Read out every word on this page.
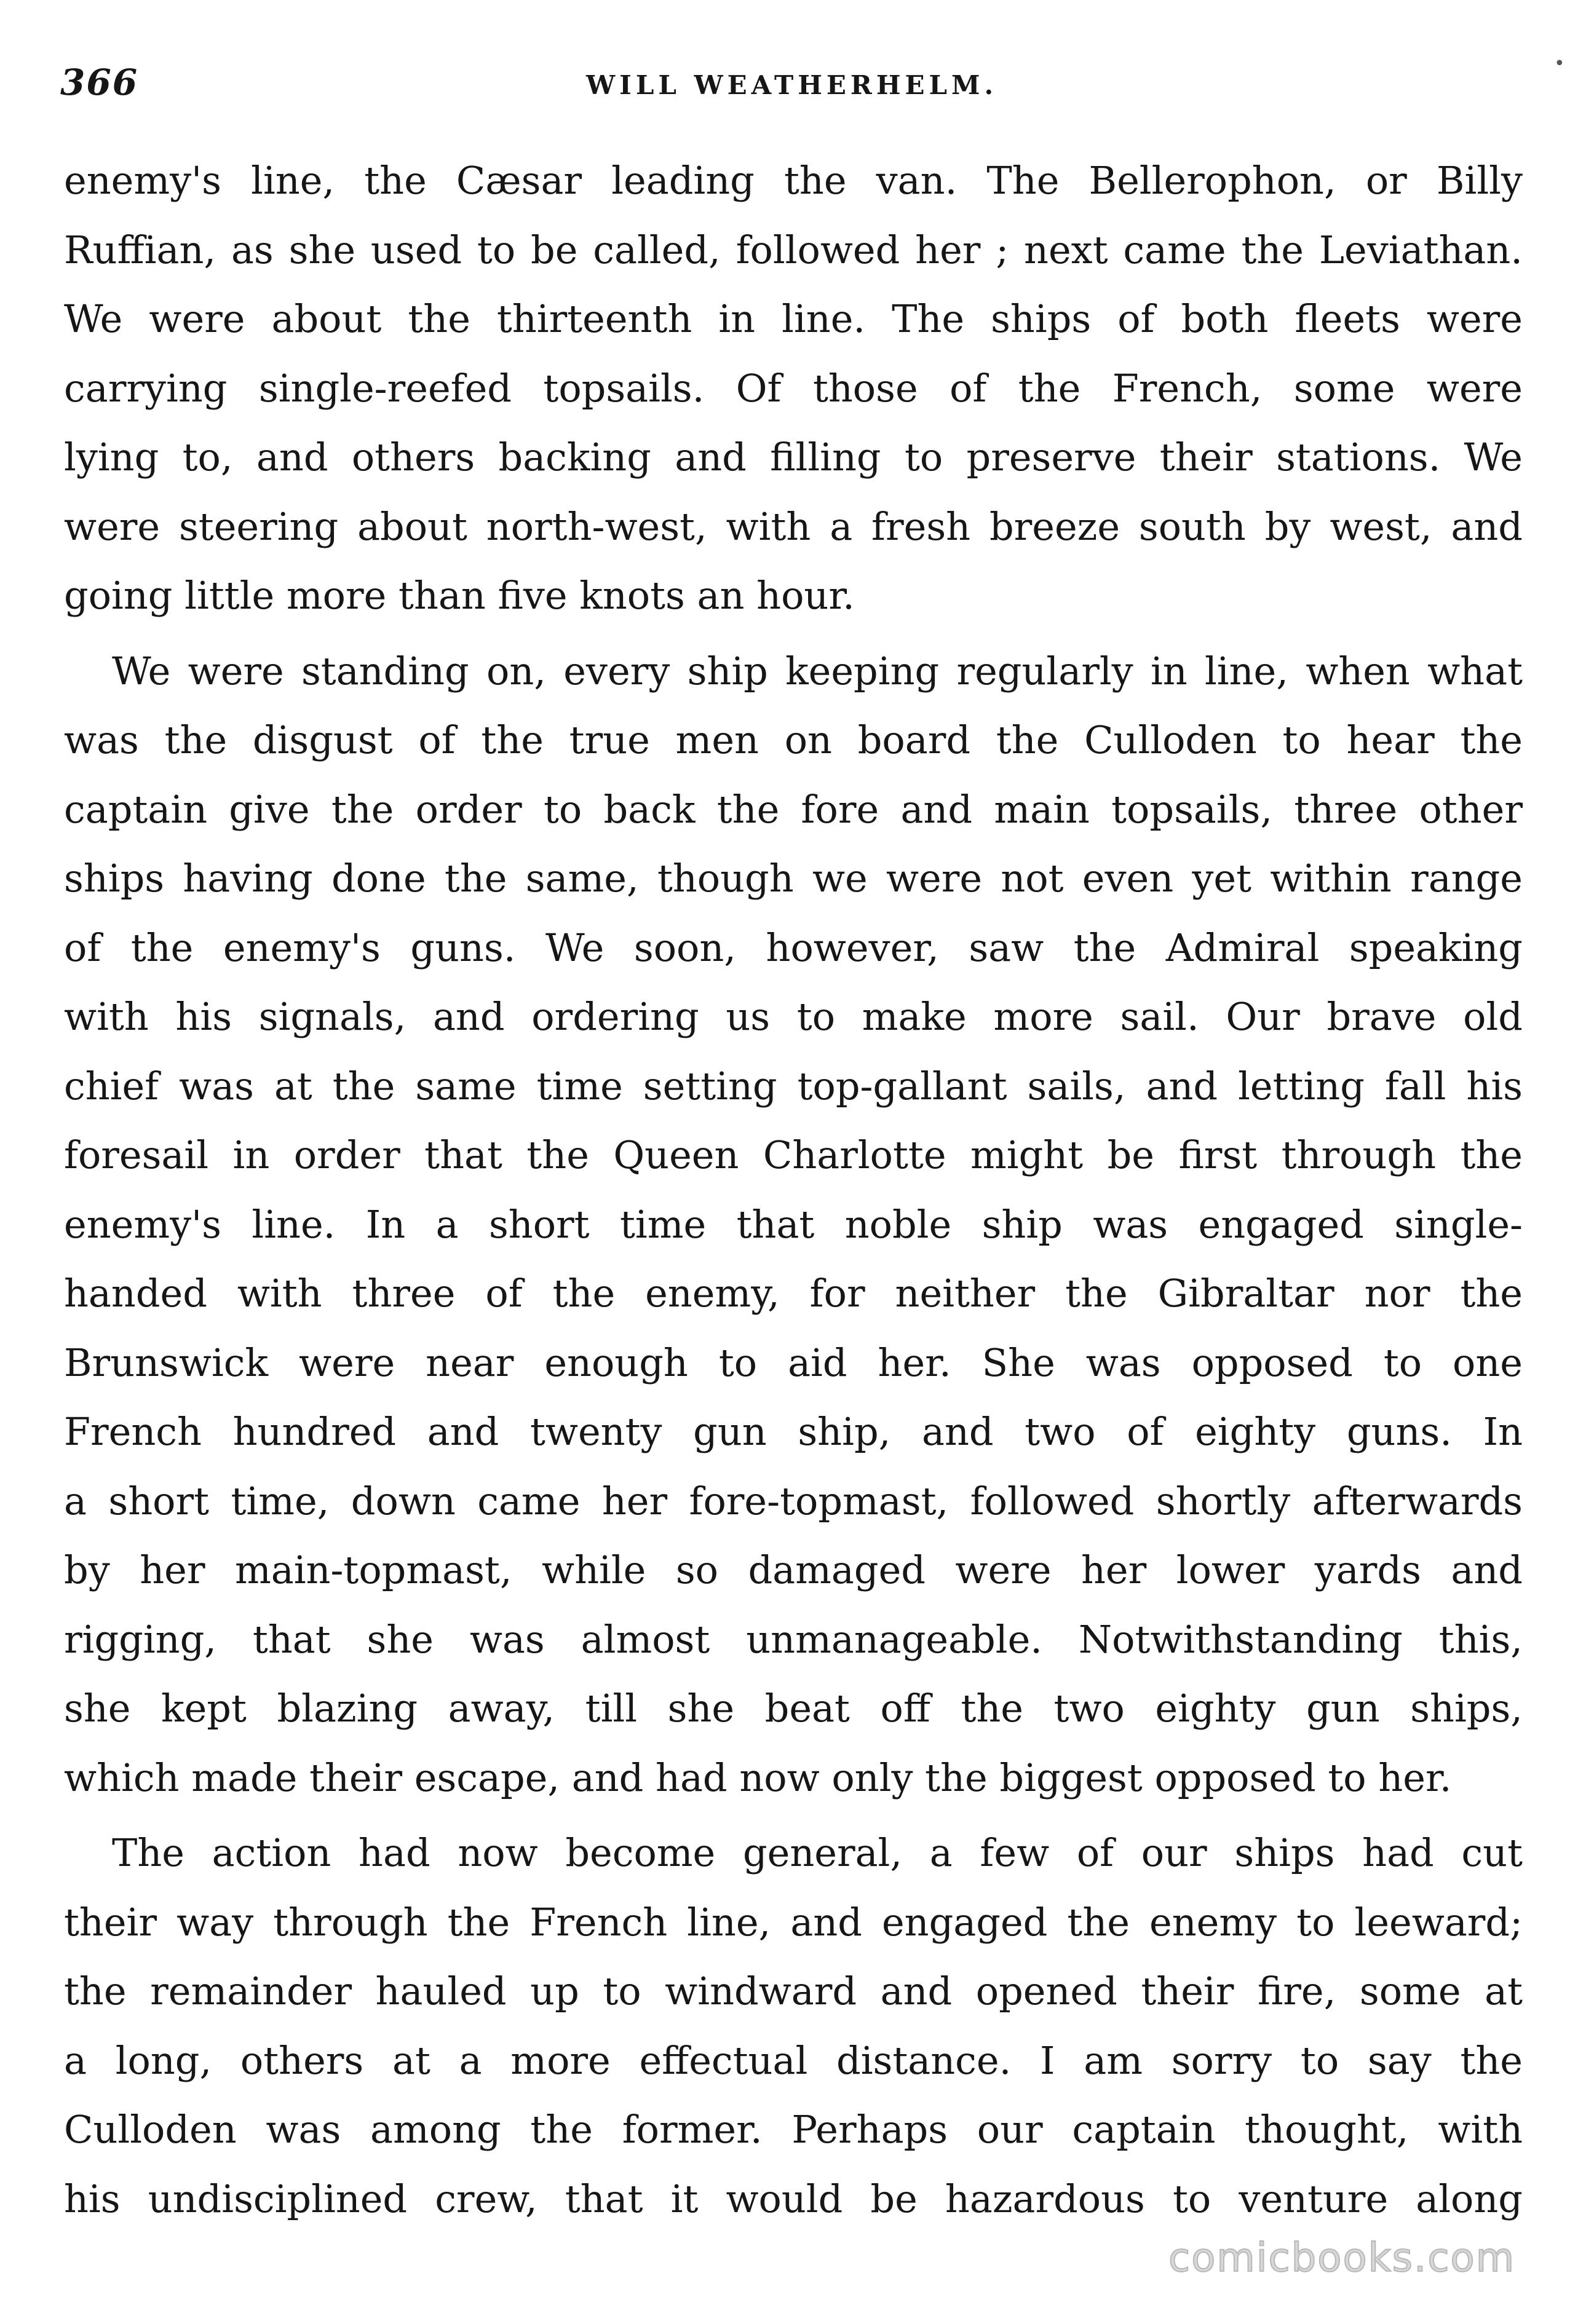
366	WILL WEATHERHELM.
•
enemy's line, the Cæsar leading the van. The Bellerophon, or Billy
Ruffian, as she used to be called, followed her ; next came the Leviathan.
We were about the thirteenth in line. The ships of both fleets were
carrying single-reefed topsails. Of those of the French, some were
lying to, and others backing and filling to preserve their stations. We
were steering about north-west, with a fresh breeze south by west, and
going little more than five knots an hour.
We were standing on, every ship keeping regularly in line, when what
was the disgust of the true men on board the Culloden to hear the
captain give the order to back the fore and main topsails, three other
ships having done the same, though we were not even yet within range
of the enemy's guns. We soon, however, saw the Admiral speaking
with his signals, and ordering us to make more sail. Our brave old
chief was at the same time setting top-gallant sails, and letting fall his
foresail in order that the Queen Charlotte might be first through the
enemy's line. In a short time that noble ship was engaged single-
handed with three of the enemy, for neither the Gibraltar nor the
Brunswick were near enough to aid her. She was opposed to one
French hundred and twenty gun ship, and two of eighty guns. In
a short time, down came her fore-topmast, followed shortly afterwards
by her main-topmast, while so damaged were her lower yards and
rigging, that she was almost unmanageable. Notwithstanding this,
she kept blazing away, till she beat off the two eighty gun ships,
which made their escape, and had now only the biggest opposed to her.
The action had now become general, a few of our ships had cut
their way through the French line, and engaged the enemy to leeward;
the remainder hauled up to windward and opened their fire, some at
a long, others at a more effectual distance. I am sorry to say the
Culloden was among the former. Perhaps our captain thought, with
his undisciplined crew, that it would be hazardous to venture along
comicbooks.com
